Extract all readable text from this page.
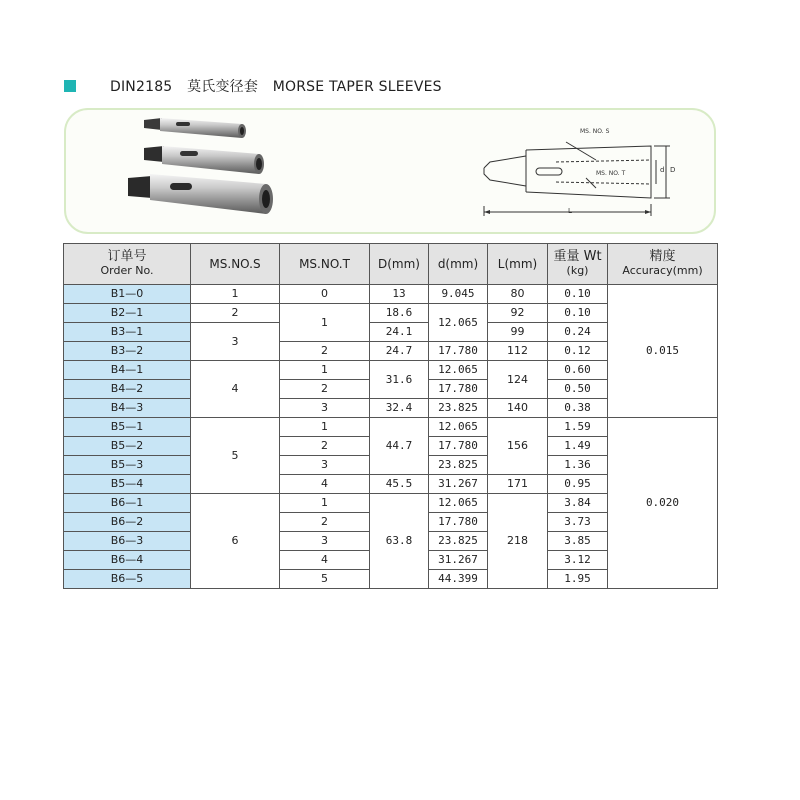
DIN2185 莫氏变径套 MORSE TAPER SLEEVES
MS. NO. S
MS. NO. T	d D
L
订单号
Order No.	MS.NO.S	MS.NO.T	D(mm)	d(mm)	L(mm)	重量 Wt
(kg)	精度
Accuracy(mm)

B1—0	1	0	13	9.045	80	0.10	0.015
B2—1	2	1	18.6	12.065	92	0.10	
B3—1	3		24.1		99	0.24	
B3—2		2	24.7	17.780	112	0.12	
B4—1	4	1	31.6	12.065	124	0.60	
B4—2		2		17.780		0.50	
B4—3		3	32.4	23.825	140	0.38	
B5—1	5	1	44.7	12.065	156	1.59	0.020
B5—2		2		17.780		1.49	
B5—3		3		23.825		1.36	
B5—4		4	45.5	31.267	171	0.95	
B6—1	6	1	63.8	12.065	218	3.84	
B6—2		2		17.780		3.73	
B6—3		3		23.825		3.85	
B6—4		4		31.267		3.12	
B6—5		5		44.399		1.95	
